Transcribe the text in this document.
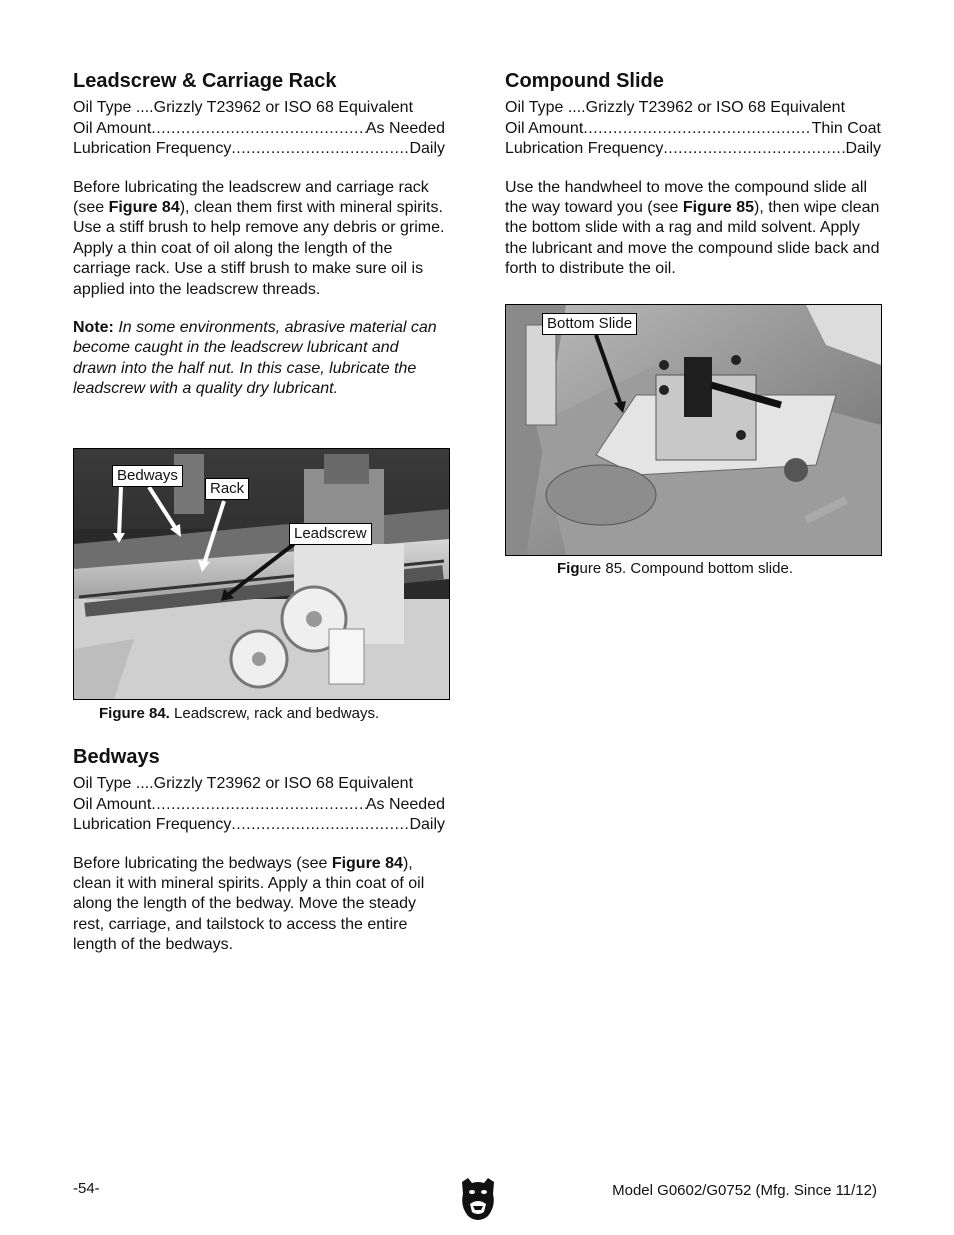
Leadscrew & Carriage Rack
Oil Type .... Grizzly T23962 or ISO 68 Equivalent
Oil Amount .....	As Needed
Lubrication Frequency .....	Daily

Before lubricating the leadscrew and carriage rack (see Figure 84), clean them first with mineral spirits. Use a stiff brush to help remove any debris or grime. Apply a thin coat of oil along the length of the carriage rack. Use a stiff brush to make sure oil is applied into the leadscrew threads.

Note: In some environments, abrasive material can become caught in the leadscrew lubricant and drawn into the half nut. In this case, lubricate the leadscrew with a quality dry lubricant.

Bedways
Rack
Leadscrew
Figure 84. Leadscrew, rack and bedways.
Bedways
Oil Type .... Grizzly T23962 or ISO 68 Equivalent
Oil Amount .....	As Needed
Lubrication Frequency .....	Daily

Before lubricating the bedways (see Figure 84), clean it with mineral spirits. Apply a thin coat of oil along the length of the bedway. Move the steady rest, carriage, and tailstock to access the entire length of the bedways.

Compound Slide
Oil Type .... Grizzly T23962 or ISO 68 Equivalent
Oil Amount .....	Thin Coat
Lubrication Frequency .....	Daily

Use the handwheel to move the compound slide all the way toward you (see Figure 85), then wipe clean the bottom slide with a rag and mild solvent. Apply the lubricant and move the compound slide back and forth to distribute the oil.

Bottom Slide
Figure 85. Compound bottom slide.
-54-	Model G0602/G0752 (Mfg. Since 11/12)
